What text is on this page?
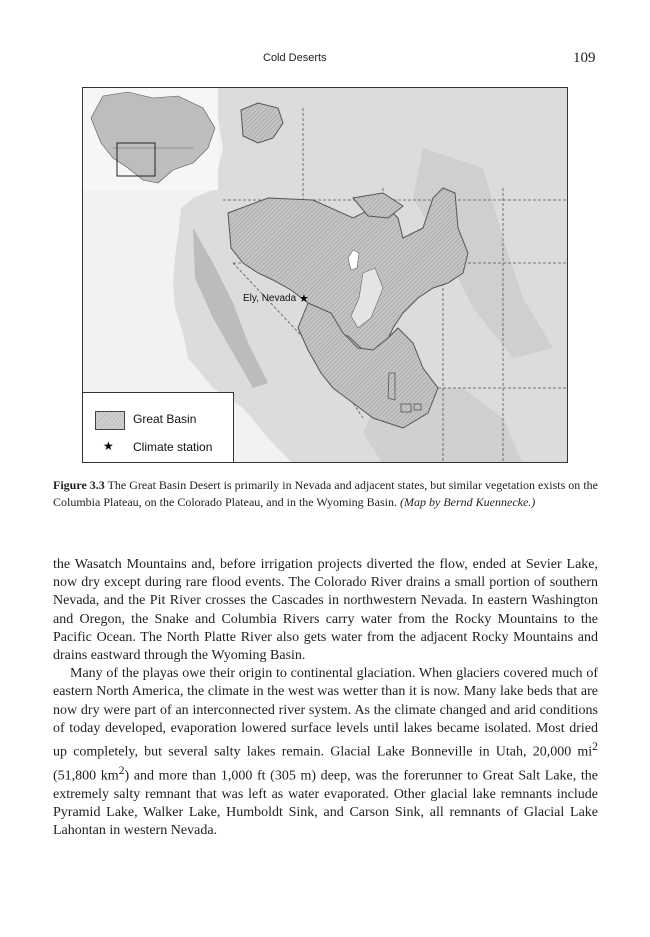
Cold Deserts	109
Ely, Nevada ★
Great Basin
★ Climate station
Figure 3.3 The Great Basin Desert is primarily in Nevada and adjacent states, but similar vegetation exists on the Columbia Plateau, on the Colorado Plateau, and in the Wyoming Basin. (Map by Bernd Kuennecke.)

the Wasatch Mountains and, before irrigation projects diverted the flow, ended at Sevier Lake, now dry except during rare flood events. The Colorado River drains a small portion of southern Nevada, and the Pit River crosses the Cascades in northwestern Nevada. In eastern Washington and Oregon, the Snake and Columbia Rivers carry water from the Rocky Mountains to the Pacific Ocean. The North Platte River also gets water from the adjacent Rocky Mountains and drains eastward through the Wyoming Basin.

Many of the playas owe their origin to continental glaciation. When glaciers covered much of eastern North America, the climate in the west was wetter than it is now. Many lake beds that are now dry were part of an interconnected river system. As the climate changed and arid conditions of today developed, evaporation lowered surface levels until lakes became isolated. Most dried up completely, but several salty lakes remain. Glacial Lake Bonneville in Utah, 20,000 $mi^2$ (51,800 $km^2$) and more than 1,000 ft (305 m) deep, was the forerunner to Great Salt Lake, the extremely salty remnant that was left as water evaporated. Other glacial lake remnants include Pyramid Lake, Walker Lake, Humboldt Sink, and Carson Sink, all remnants of Glacial Lake Lahontan in western Nevada.
